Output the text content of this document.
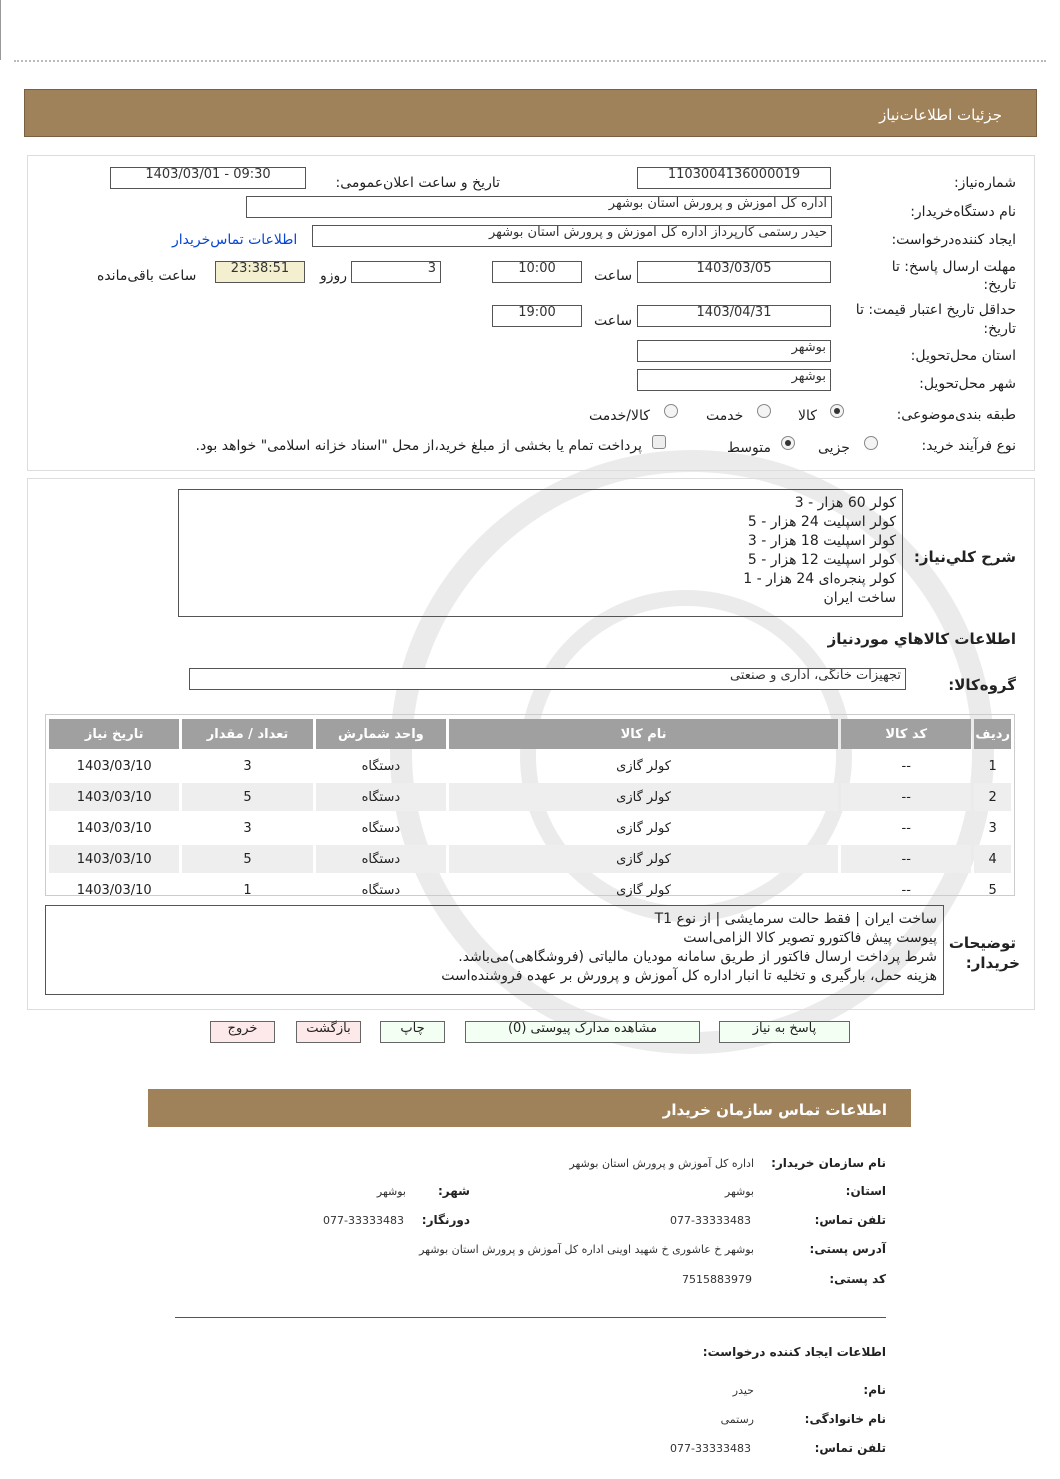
جزئیات اطلاعات‌نیاز
شماره‌نیاز:
1103004136000019
تاریخ و ساعت اعلان‌عمومی:
1403/03/01 - 09:30
نام دستگاه‌خریدار:
اداره کل آموزش و پرورش استان بوشهر
ایجاد کننده‌درخواست:
حیدر رستمی کارپرداز اداره کل آموزش و پرورش استان بوشهر
اطلاعات تماس‌خریدار
مهلت ارسال پاسخ: تا
تاریخ:
1403/03/05
ساعت
10:00
3
روزو
23:38:51
ساعت باقی‌مانده
حداقل تاریخ اعتبار قیمت: تا
تاریخ:
1403/04/31
ساعت
19:00
استان محل‌تحویل:
بوشهر
شهر محل‌تحویل:
بوشهر
طبقه بندی‌موضوعی:
کالا
خدمت
کالا/خدمت
نوع فرآیند خرید:
جزیی
متوسط
پرداخت تمام یا بخشی از مبلغ خرید،از محل "اسناد خزانه اسلامی" خواهد بود.
شرح کلي‌نیاز:
کولر 60 هزار - 3
کولر اسپلیت 24 هزار - 5
کولر اسپلیت 18 هزار - 3
کولر اسپلیت 12 هزار - 5
کولر پنجره‌ای 24 هزار - 1
ساخت ایران
اطلاعات کالاهاي موردنیاز
گروه‌کالا:
تجهیزات خانگی، اداری و صنعتی
ردیف	کد کالا	نام کالا	واحد شمارش	تعداد / مقدار	تاریخ نیاز
1	--	کولر گازی	دستگاه	3	1403/03/10
2	--	کولر گازی	دستگاه	5	1403/03/10
3	--	کولر گازی	دستگاه	3	1403/03/10
4	--	کولر گازی	دستگاه	5	1403/03/10
5	--	کولر گازی	دستگاه	1	1403/03/10
توضیحات
خریدار:
ساخت ایران | فقط حالت سرمایشی | از نوع T1
پیوست پیش فاکتورو تصویر کالا الزامی‌است
شرط پرداخت ارسال فاکتور از طریق سامانه مودیان مالیاتی (فروشگاهی)می‌باشد.
هزینه حمل، بارگیری و تخلیه تا انبار اداره کل آموزش و پرورش بر عهده فروشنده‌است
پاسخ به نیاز
مشاهده مدارک پیوستی (0)
چاپ
بازگشت
خروج
اطلاعات تماس سازمان خریدار
نام سازمان خریدار:
اداره کل آموزش و پرورش استان بوشهر
استان:
بوشهر
شهر:
بوشهر
تلفن تماس:
077-33333483
دورنگار:
077-33333483
آدرس پستی:
بوشهر خ عاشوری خ شهید اوینی اداره کل آموزش و پرورش استان بوشهر
کد پستی:
7515883979
اطلاعات ایجاد کننده درخواست:
نام:
حیدر
نام خانوادگی:
رستمی
تلفن تماس:
077-33333483
